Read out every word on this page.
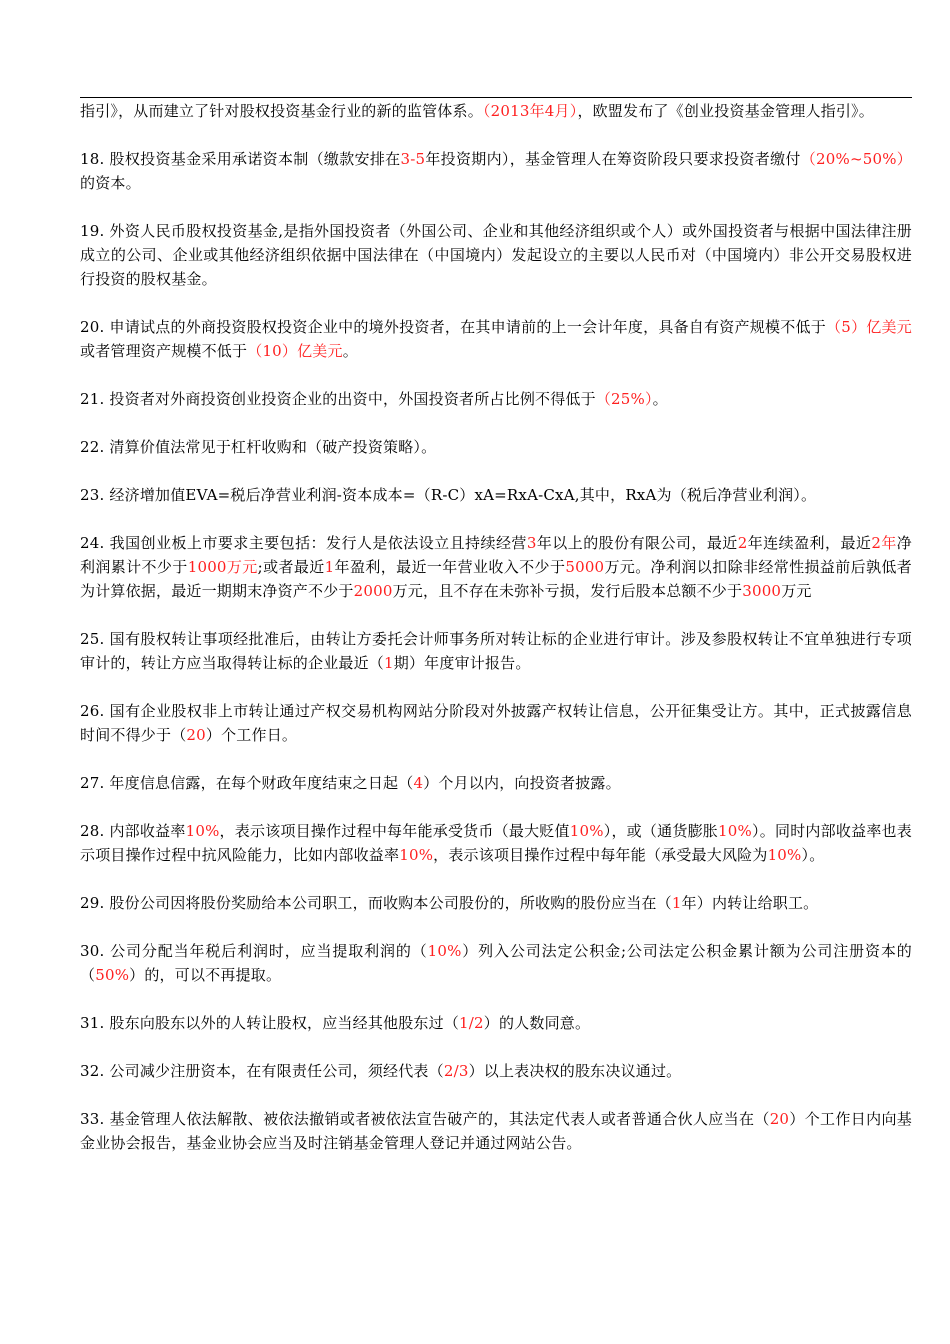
指引》，从而建立了针对股权投资基金行业的新的监管体系。（2013年4月），欧盟发布了《创业投资基金管理人指引》。

18. 股权投资基金采用承诺资本制（缴款安排在3-5年投资期内），基金管理人在筹资阶段只要求投资者缴付（20%~50%）的资本。

19. 外资人民币股权投资基金,是指外国投资者（外国公司、企业和其他经济组织或个人）或外国投资者与根据中国法律注册成立的公司、企业或其他经济组织依据中国法律在（中国境内）发起设立的主要以人民币对（中国境内）非公开交易股权进行投资的股权基金。

20. 申请试点的外商投资股权投资企业中的境外投资者，在其申请前的上一会计年度，具备自有资产规模不低于（5）亿美元或者管理资产规模不低于（10）亿美元。

21. 投资者对外商投资创业投资企业的出资中，外国投资者所占比例不得低于（25%）。

22. 清算价值法常见于杠杆收购和（破产投资策略）。

23. 经济增加值EVA=税后净营业利润-资本成本=（R-C）xA=RxA-CxA,其中，RxA为（税后净营业利润）。

24. 我国创业板上市要求主要包括：发行人是依法设立且持续经营3年以上的股份有限公司，最近2年连续盈利，最近2年净利润累计不少于1000万元;或者最近1年盈利，最近一年营业收入不少于5000万元。净利润以扣除非经常性损益前后孰低者为计算依据，最近一期期末净资产不少于2000万元，且不存在未弥补亏损，发行后股本总额不少于3000万元

25. 国有股权转让事项经批准后，由转让方委托会计师事务所对转让标的企业进行审计。涉及参股权转让不宜单独进行专项审计的，转让方应当取得转让标的企业最近（1期）年度审计报告。

26. 国有企业股权非上市转让通过产权交易机构网站分阶段对外披露产权转让信息，公开征集受让方。其中，正式披露信息时间不得少于（20）个工作日。

27. 年度信息信露，在每个财政年度结束之日起（4）个月以内，向投资者披露。

28. 内部收益率10%，表示该项目操作过程中每年能承受货币（最大贬值10%），或（通货膨胀10%）。同时内部收益率也表示项目操作过程中抗风险能力，比如内部收益率10%，表示该项目操作过程中每年能（承受最大风险为10%）。

29. 股份公司因将股份奖励给本公司职工，而收购本公司股份的，所收购的股份应当在（1年）内转让给职工。

30. 公司分配当年税后利润时，应当提取利润的（10%）列入公司法定公积金;公司法定公积金累计额为公司注册资本的（50%）的，可以不再提取。

31. 股东向股东以外的人转让股权，应当经其他股东过（1/2）的人数同意。

32. 公司减少注册资本，在有限责任公司，须经代表（2/3）以上表决权的股东决议通过。

33. 基金管理人依法解散、被依法撤销或者被依法宣告破产的，其法定代表人或者普通合伙人应当在（20）个工作日内向基金业协会报告，基金业协会应当及时注销基金管理人登记并通过网站公告。
